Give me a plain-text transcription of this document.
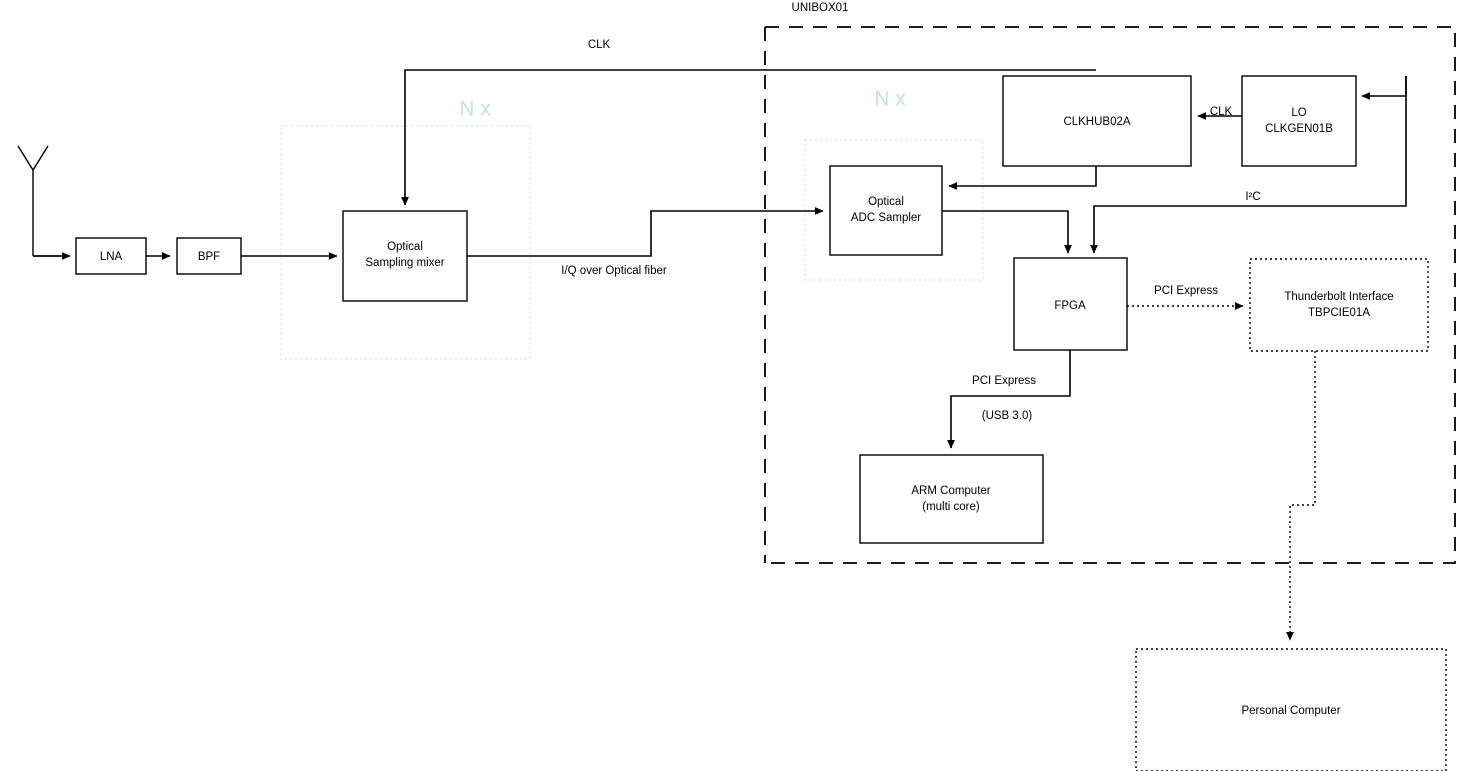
UNIBOX01
N x	N x
LNA	BPF
Optical
Sampling mixer
CLK
I/Q over Optical fiber
Optical
ADC Sampler
CLKHUB02A
LO
CLKGEN01B
CLK
I²C
FPGA
PCI Express	Thunderbolt Interface
TBPCIE01A
PCI Express
(USB 3.0)
ARM Computer
(multi core)
Personal Computer
